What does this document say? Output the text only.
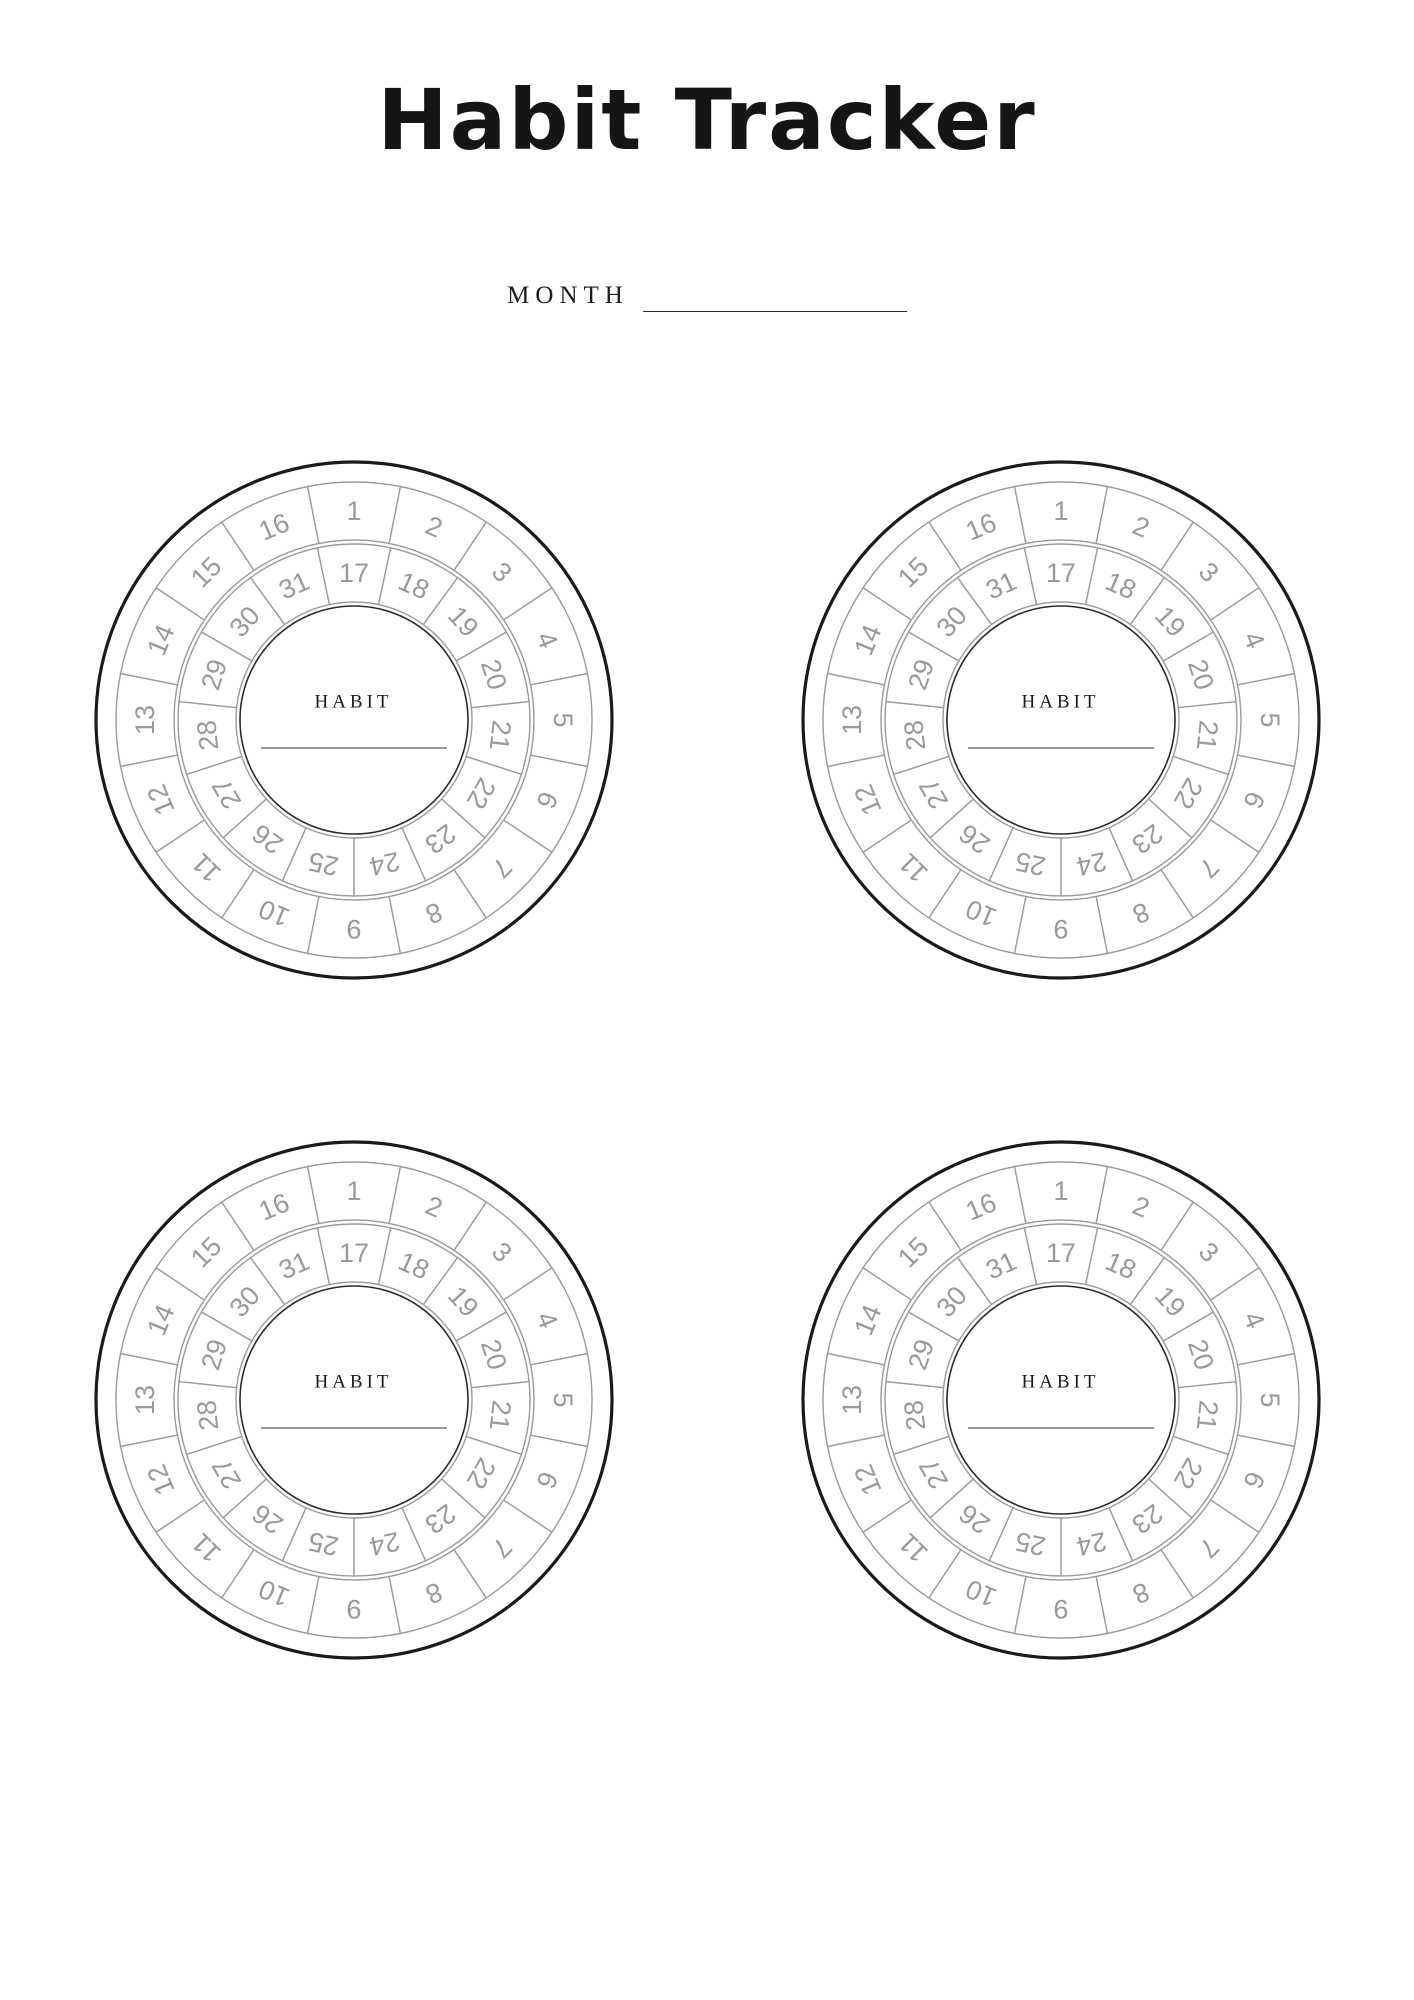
Habit Tracker
MONTH
1 2
3
4
5
6
7
8
9
10
11
12
13
14
15
16
17 18
19
20
21
22
23
24
25
26
27
28
29
30
31
HABIT
1 2
3
4
5
6
7
8
9
10
11
12
13
14
15
16
17 18
19
20
21
22
23
24
25
26
27
28
29
30
31
HABIT
1 2
3
4
5
6
7
8
9
10
11
12
13
14
15
16
17 18
19
20
21
22
23
24
25
26
27
28
29
30
31
HABIT
1 2
3
4
5
6
7
8
9
10
11
12
13
14
15
16
17 18
19
20
21
22
23
24
25
26
27
28
29
30
31
HABIT
